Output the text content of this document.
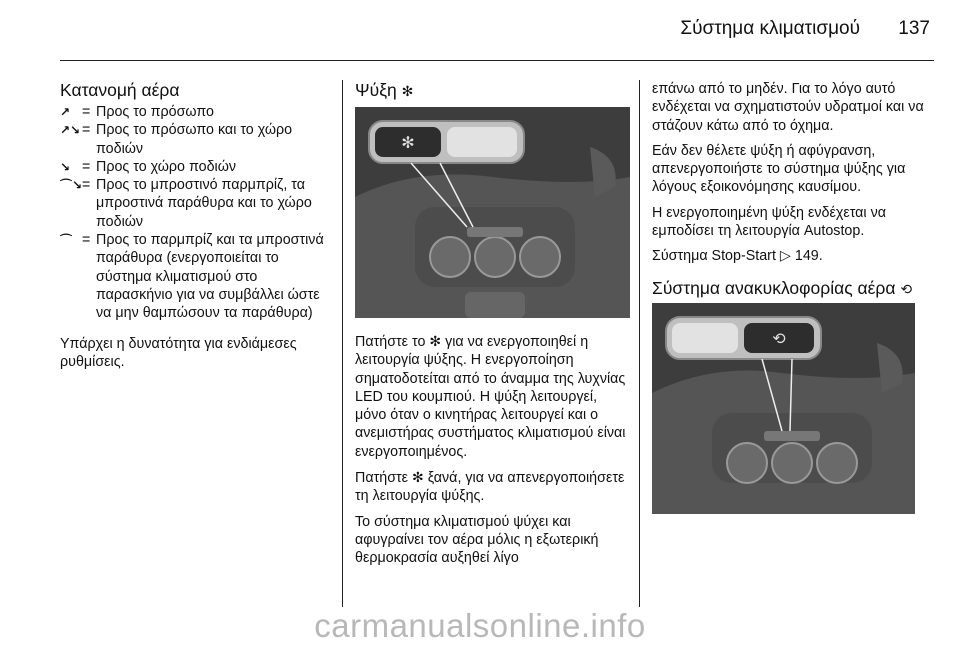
Σύστημα κλιματισμού	137
Κατανομή αέρα
↗ = Προς το πρόσωπο
↗↘ = Προς το πρόσωπο και το χώρο ποδιών
↘ = Προς το χώρο ποδιών
⌒↘ = Προς το μπροστινό παρμπρίζ, τα μπροστινά παράθυρα και το χώρο ποδιών
⌒ = Προς το παρμπρίζ και τα μπροστινά παράθυρα (ενεργοποιείται το σύστημα κλιματισμού στο παρασκήνιο για να συμβάλλει ώστε να μην θαμπώσουν τα παράθυρα)

Υπάρχει η δυνατότητα για ενδιάμεσες ρυθμίσεις.

Ψύξη ✻
✻

Πατήστε το ✻ για να ενεργοποιηθεί η λειτουργία ψύξης. Η ενεργοποίηση σηματοδοτείται από το άναμμα της λυχνίας LED του κουμπιού. Η ψύξη λειτουργεί, μόνο όταν ο κινητήρας λειτουργεί και ο ανεμιστήρας συστήματος κλιματισμού είναι ενεργοποιημένος.

Πατήστε ✻ ξανά, για να απενεργοποιήσετε τη λειτουργία ψύξης.

Το σύστημα κλιματισμού ψύχει και αφυγραίνει τον αέρα μόλις η εξωτερική θερμοκρασία αυξηθεί λίγο

επάνω από το μηδέν. Για το λόγο αυτό ενδέχεται να σχηματιστούν υδρατμοί και να στάζουν κάτω από το όχημα.

Εάν δεν θέλετε ψύξη ή αφύγρανση, απενεργοποιήστε το σύστημα ψύξης για λόγους εξοικονόμησης καυσίμου.

Η ενεργοποιημένη ψύξη ενδέχεται να εμποδίσει τη λειτουργία Autostop.

Σύστημα Stop-Start ▷ 149.

Σύστημα ανακυκλοφορίας αέρα ⟲
⟲
carmanualsonline.info
